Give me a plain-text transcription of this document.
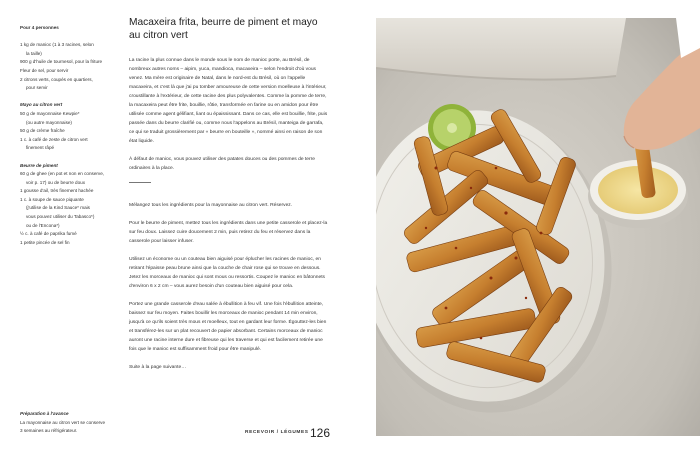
Pour 4 personnes
1 kg de manioc (1 à 3 racines, selon
la taille)
900 g d'huile de tournesol, pour la friture
Fleur de sel, pour servir
2 citrons verts, coupés en quartiers,
pour servir
Mayo au citron vert
50 g de mayonnaise Kewpie*
(ou autre mayonnaise)
50 g de crème fraîche
1 c. à café de zeste de citron vert
finement râpé
Beurre de piment
60 g de ghee (en pot et non en conserve,
voir p. 17) ou de beurre doux
1 gousse d'ail, très finement hachée
1 c. à soupe de sauce piquante
(j'utilise de la Kind Sauce* mais
vous pouvez utiliser du Tabasco*)
ou de l'Encona*)
½ c. à café de paprika fumé
1 petite pincée de sel fin
Préparation à l'avance
La mayonnaise au citron vert se conserve
3 semaines au réfrigérateur.
Macaxeira frita, beurre de piment et mayo au citron vert

La racine la plus connue dans le monde sous le nom de manioc porte, au Brésil, de nombreux autres noms – aipim, yuca, mandioca, macaxeira – selon l'endroit d'où vous venez. Ma mère est originaire de Natal, dans le nord-est du Brésil, où on l'appelle macaxeira, et c'est là que j'ai pu tomber amoureuse de cette version moelleuse à l'intérieur, croustillante à l'extérieur, de cette racine des plus polyvalentes. Comme la pomme de terre, la macaxeira peut être frite, bouillie, rôtie, transformée en farine ou en amidon pour être utilisée comme agent gélifiant, liant ou épaississant. Dans ce cas, elle est bouillie, frite, puis passée dans du beurre clarifié ou, comme nous l'appelons au Brésil, manteiga de garrafa, ce qui se traduit grossièrement par « beurre en bouteille », nommé ainsi en raison de son état liquide.

À défaut de manioc, vous pouvez utiliser des patates douces ou des pommes de terre ordinaires à la place.

Mélangez tous les ingrédients pour la mayonnaise au citron vert. Réservez.

Pour le beurre de piment, mettez tous les ingrédients dans une petite casserole et placez-la sur feu doux. Laissez cuire doucement 2 min, puis retirez du feu et réservez dans la casserole pour laisser infuser.

Utilisez un économe ou un couteau bien aiguisé pour éplucher les racines de manioc, en retirant l'épaisse peau brune ainsi que la couche de chair rose qui se trouve en dessous. Jetez les morceaux de manioc qui sont mous ou ressortis. Coupez le manioc en bâtonnets d'environ 6 x 2 cm – vous aurez besoin d'un couteau bien aiguisé pour cela.

Portez une grande casserole d'eau salée à ébullition à feu vif. Une fois l'ébullition atteinte, baissez sur feu moyen. Faites bouillir les morceaux de manioc pendant 14 min environ, jusqu'à ce qu'ils soient très mous et moelleux, tout en gardant leur forme. Égouttez-les bien et transférez-les sur un plat recouvert de papier absorbant. Certains morceaux de manioc auront une racine interne dure et fibreuse qui les traverse et qui est facilement retirée une fois que le manioc est suffisamment froid pour être manipulé.

Suite à la page suivante…

RECEVOIR / LÉGUMES 126
